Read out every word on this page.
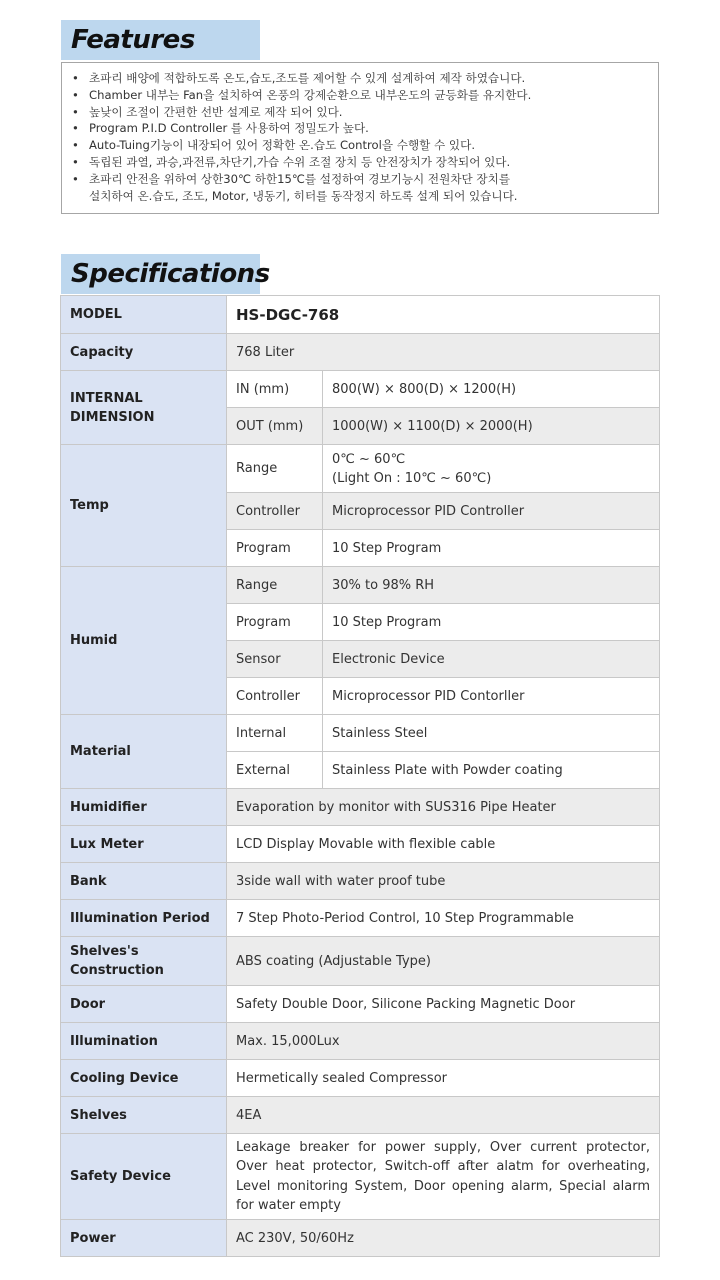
Features
• 초파리 배양에 적합하도록 온도,습도,조도를 제어할 수 있게 설계하여 제작 하였습니다.
• Chamber 내부는 Fan을 설치하여 온풍의 강제순환으로 내부온도의 균등화를 유지한다.
• 높낮이 조절이 간편한 선반 설계로 제작 되어 있다.
• Program P.I.D Controller 를 사용하여 정밀도가 높다.
• Auto-Tuing기능이 내장되어 있어 정확한 온.습도 Control을 수행할 수 있다.
• 독립된 과열, 과승,과전류,차단기,가습 수위 조절 장치 등 안전장치가 장착되어 있다.
• 초파리 안전을 위하여 상한30℃ 하한15℃를 설정하여 경보기능시 전원차단 장치를
설치하여 온.습도, 조도, Motor, 냉동기, 히터를 동작정지 하도록 설계 되어 있습니다.
Specifications
MODEL	HS-DGC-768	
Capacity	768 Liter	
INTERNAL
DIMENSION	IN (mm)	800(W) × 800(D) × 1200(H)
	OUT (mm)	1000(W) × 1100(D) × 2000(H)
Temp	Range	0℃ ~ 60℃
(Light On : 10℃ ~ 60℃)
	Controller	Microprocessor PID Controller
	Program	10 Step Program
Humid	Range	30% to 98% RH
	Program	10 Step Program
	Sensor	Electronic Device
	Controller	Microprocessor PID Contorller
Material	Internal	Stainless Steel
	External	Stainless Plate with Powder coating
Humidifier	Evaporation by monitor with SUS316 Pipe Heater	
Lux Meter	LCD Display Movable with flexible cable	
Bank	3side wall with water proof tube	
Illumination Period	7 Step Photo-Period Control, 10 Step Programmable	
Shelves's
Construction	ABS coating (Adjustable Type)	
Door	Safety Double Door, Silicone Packing Magnetic Door	
Illumination	Max. 15,000Lux	
Cooling Device	Hermetically sealed Compressor	
Shelves	4EA	
Safety Device	Leakage breaker for power supply, Over current protector, Over heat protector, Switch-off after alatm for overheating, Level monitoring System, Door opening alarm, Special alarm for water empty	
Power	AC 230V, 50/60Hz	
